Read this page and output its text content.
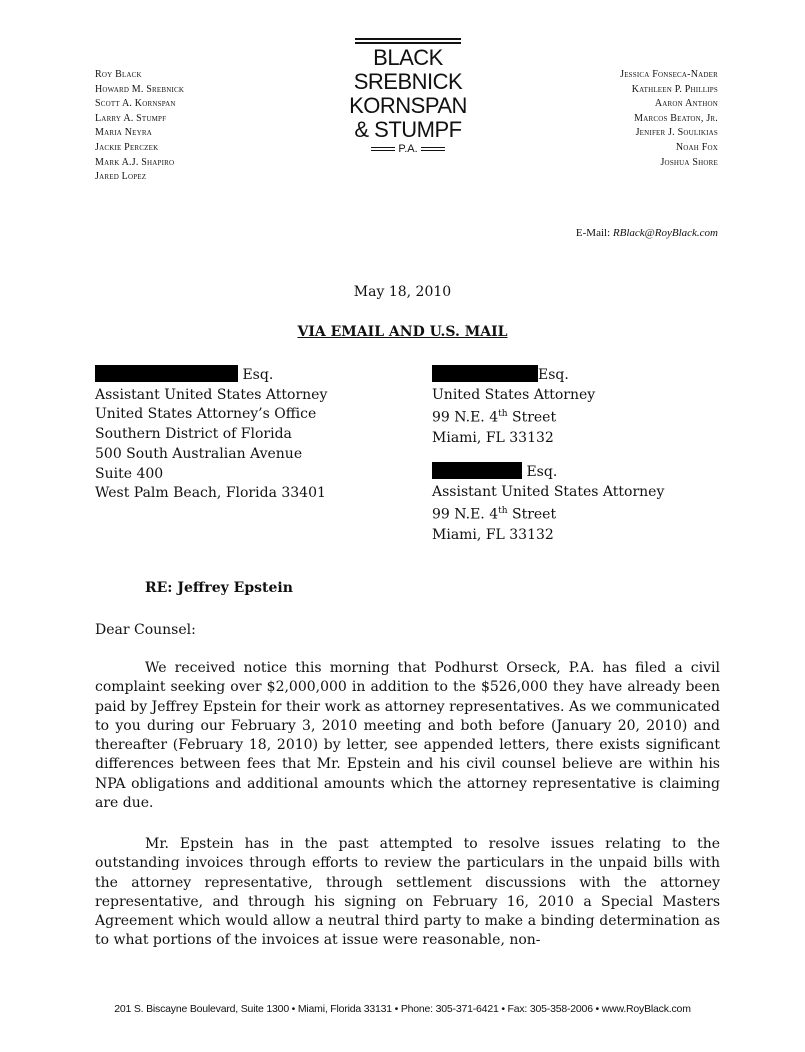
Roy Black
Howard M. Srebnick
Scott A. Kornspan
Larry A. Stumpf
Maria Neyra
Jackie Perczek
Mark A.J. Shapiro
Jared Lopez
BLACK
SREBNICK
KORNSPAN
& STUMPF
P.A.
Jessica Fonseca-Nader
Kathleen P. Phillips
Aaron Anthon
Marcos Beaton, Jr.
Jenifer J. Soulikias
Noah Fox
Joshua Shore
E-Mail: RBlack@RoyBlack.com
May 18, 2010
VIA EMAIL AND U.S. MAIL
Esq.
Assistant United States Attorney
United States Attorney’s Office
Southern District of Florida
500 South Australian Avenue
Suite 400
West Palm Beach, Florida 33401
Esq.
United States Attorney
99 N.E. 4th Street
Miami, FL 33132
Esq.
Assistant United States Attorney
99 N.E. 4th Street
Miami, FL 33132
RE: Jeffrey Epstein
Dear Counsel:

We received notice this morning that Podhurst Orseck, P.A. has filed a civil complaint seeking over $2,000,000 in addition to the $526,000 they have already been paid by Jeffrey Epstein for their work as attorney representatives. As we communicated to you during our February 3, 2010 meeting and both before (January 20, 2010) and thereafter (February 18, 2010) by letter, see appended letters, there exists significant differences between fees that Mr. Epstein and his civil counsel believe are within his NPA obligations and additional amounts which the attorney representative is claiming are due.

Mr. Epstein has in the past attempted to resolve issues relating to the outstanding invoices through efforts to review the particulars in the unpaid bills with the attorney representative, through settlement discussions with the attorney representative, and through his signing on February 16, 2010 a Special Masters Agreement which would allow a neutral third party to make a binding determination as to what portions of the invoices at issue were reasonable, non-

201 S. Biscayne Boulevard, Suite 1300 • Miami, Florida 33131 • Phone: 305-371-6421 • Fax: 305-358-2006 • www.RoyBlack.com
